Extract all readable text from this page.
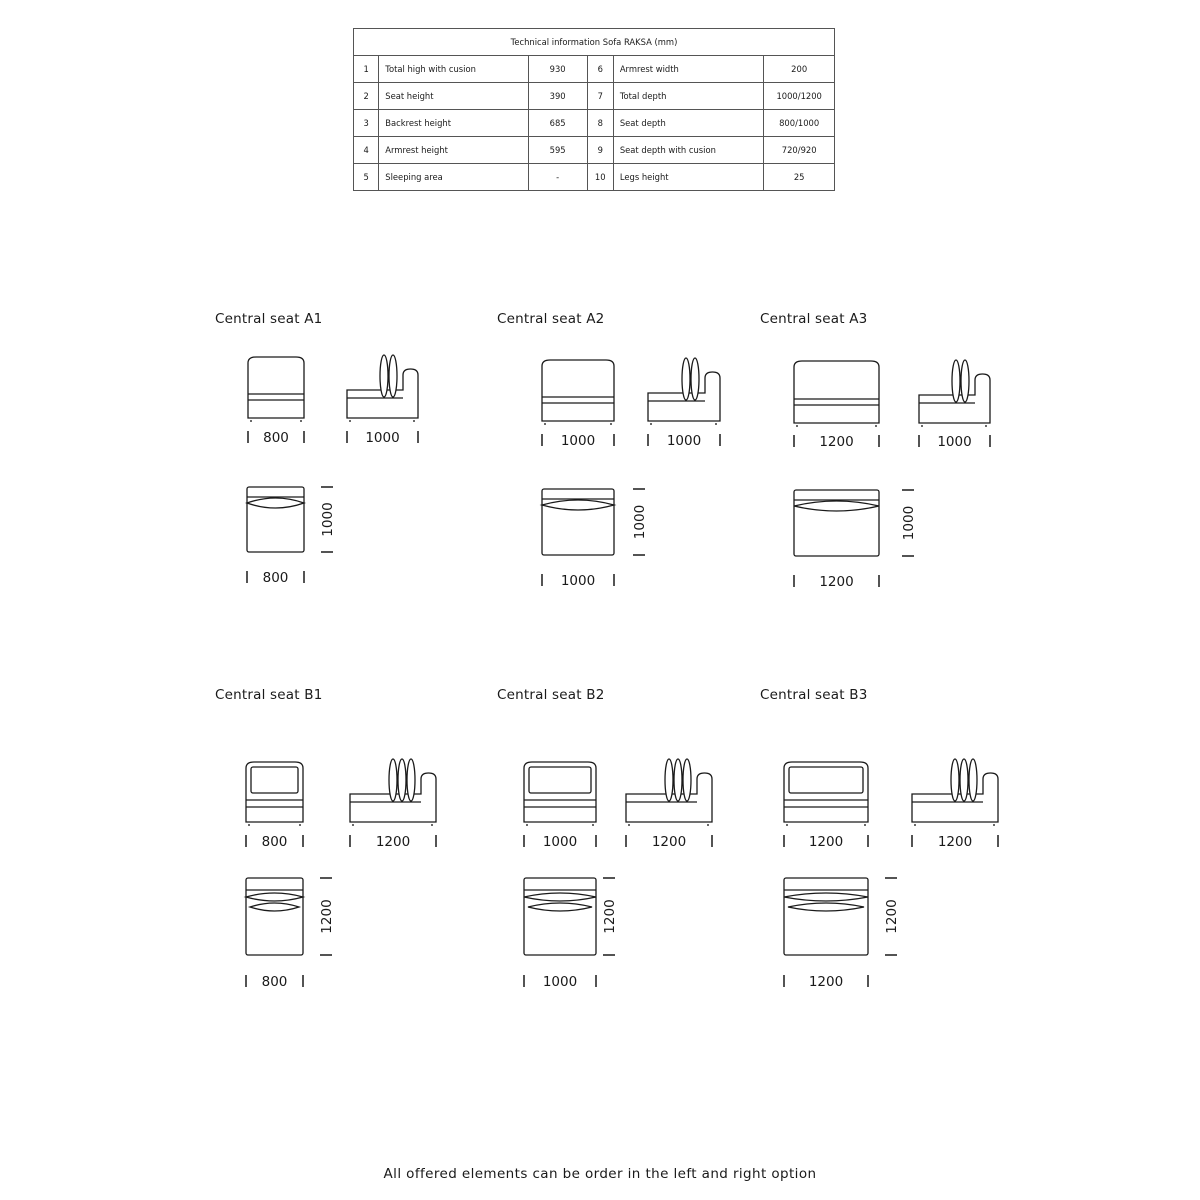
Technical information Sofa RAKSA (mm)					
1	Total high with cusion	930	6	Armrest width	200
2	Seat height	390	7	Total depth	1000/1200
3	Backrest height	685	8	Seat depth	800/1000
4	Armrest height	595	9	Seat depth with cusion	720/920
5	Sleeping area	-	10	Legs height	25
Central seat A1	Central seat A2	Central seat A3
Central seat B1	Central seat B2	Central seat B3
800	1000
1000
800
1000	1000
1000
1000
1200	1000
1000
1200
800	1200
1200
800
1000	1200
1200
1000
1200	1200
1200
1200
All offered elements can be order in the left and right option
